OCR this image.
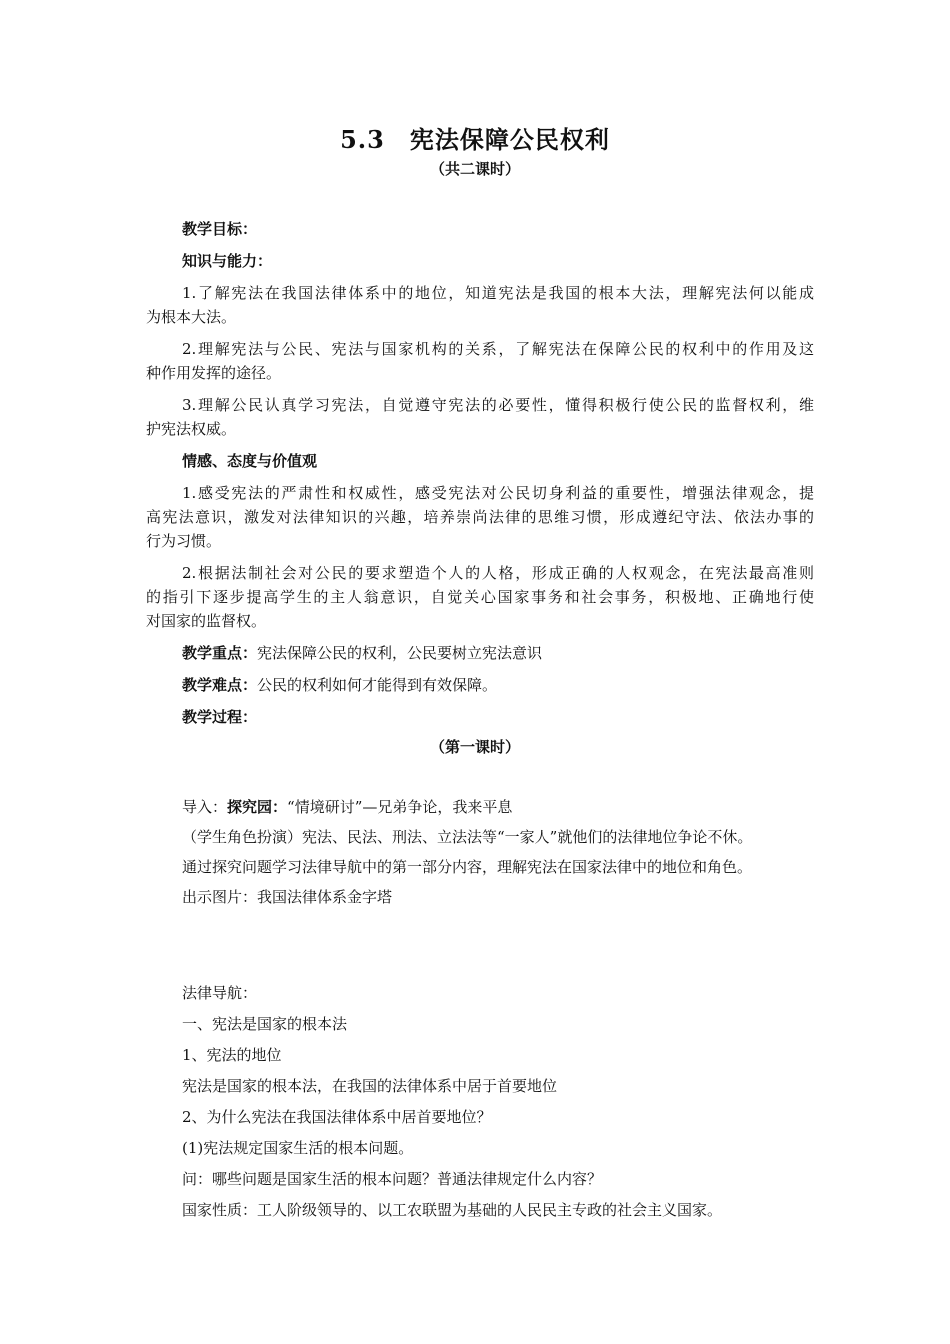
5.3　宪法保障公民权利
（共二课时）
教学目标：
知识与能力：
1.了解宪法在我国法律体系中的地位，知道宪法是我国的根本大法，理解宪法何以能成
为根本大法。
2.理解宪法与公民、宪法与国家机构的关系，了解宪法在保障公民的权利中的作用及这
种作用发挥的途径。
3.理解公民认真学习宪法，自觉遵守宪法的必要性，懂得积极行使公民的监督权利，维
护宪法权威。
情感、态度与价值观
1.感受宪法的严肃性和权威性，感受宪法对公民切身利益的重要性，增强法律观念，提
高宪法意识，激发对法律知识的兴趣，培养崇尚法律的思维习惯，形成遵纪守法、依法办事的
行为习惯。
2.根据法制社会对公民的要求塑造个人的人格，形成正确的人权观念，在宪法最高准则
的指引下逐步提高学生的主人翁意识，自觉关心国家事务和社会事务，积极地、正确地行使
对国家的监督权。
教学重点：宪法保障公民的权利，公民要树立宪法意识
教学难点：公民的权利如何才能得到有效保障。
教学过程：
（第一课时）
导入：探究园：“情境研讨”—兄弟争论，我来平息
（学生角色扮演）宪法、民法、刑法、立法法等“一家人”就他们的法律地位争论不休。
通过探究问题学习法律导航中的第一部分内容，理解宪法在国家法律中的地位和角色。
出示图片：我国法律体系金字塔
法律导航：
一、宪法是国家的根本法
1、宪法的地位
宪法是国家的根本法，在我国的法律体系中居于首要地位
2、为什么宪法在我国法律体系中居首要地位？
(1)宪法规定国家生活的根本问题。
问：哪些问题是国家生活的根本问题？普通法律规定什么内容？
国家性质：工人阶级领导的、以工农联盟为基础的人民民主专政的社会主义国家。
